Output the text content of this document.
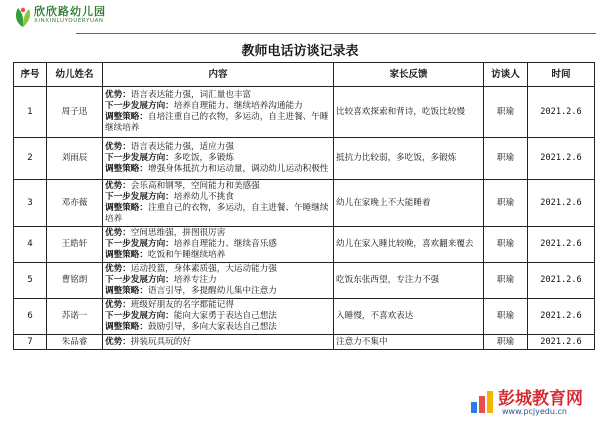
欣欣路幼儿园
XINXINLUYOUERYUAN
教师电话访谈记录表
序号	幼儿姓名	内容	家长反馈	访谈人	时间
1	周子迅	优势：语言表达能力强，词汇量也丰富
下一步发展方向：培养自理能力、继续培养沟通能力
调整策略：自培注重自己的衣物，多运动，自主进餐、午睡继续培养	比较喜欢探索和背诗，吃饭比较慢	职瑜	2021.2.6
2	刘雨辰	优势：语言表达能力强，适应力强
下一步发展方向：多吃饭，多锻炼
调整策略：增强身体抵抗力和运动量，调动幼儿运动积极性	抵抗力比较弱，多吃饭，多锻炼	职瑜	2021.2.6
3	邓亦薇	优势：会乐高和钢琴，空间能力和美感强
下一步发展方向：培养幼儿不挑食
调整策略：注重自己的衣物，多运动，自主进餐、午睡继续培养	幼儿在家晚上不大能睡着	职瑜	2021.2.6
4	王皓轩	优势：空间思维强，拼图很厉害
下一步发展方向：培养自理能力、继续音乐感
调整策略：吃饭和午睡继续培养	幼儿在家入睡比较晚，喜欢翻来覆去	职瑜	2021.2.6
5	曹铭朗	优势：运动投篮，身体素质强，大运动能力强
下一步发展方向：培养专注力
调整策略：语言引导，多提醒幼儿集中注意力	吃饭东张西望，专注力不强	职瑜	2021.2.6
6	苏诺一	优势：班级好朋友的名字都能记得
下一步发展方向：能向大家勇于表达自己想法
调整策略：鼓励引导，多向大家表达自己想法	入睡慢，不喜欢表达	职瑜	2021.2.6
7	朱品睿	优势：拼装玩具玩的好	注意力不集中	职瑜	2021.2.6
彭城教育网
www.pcjyedu.cn
